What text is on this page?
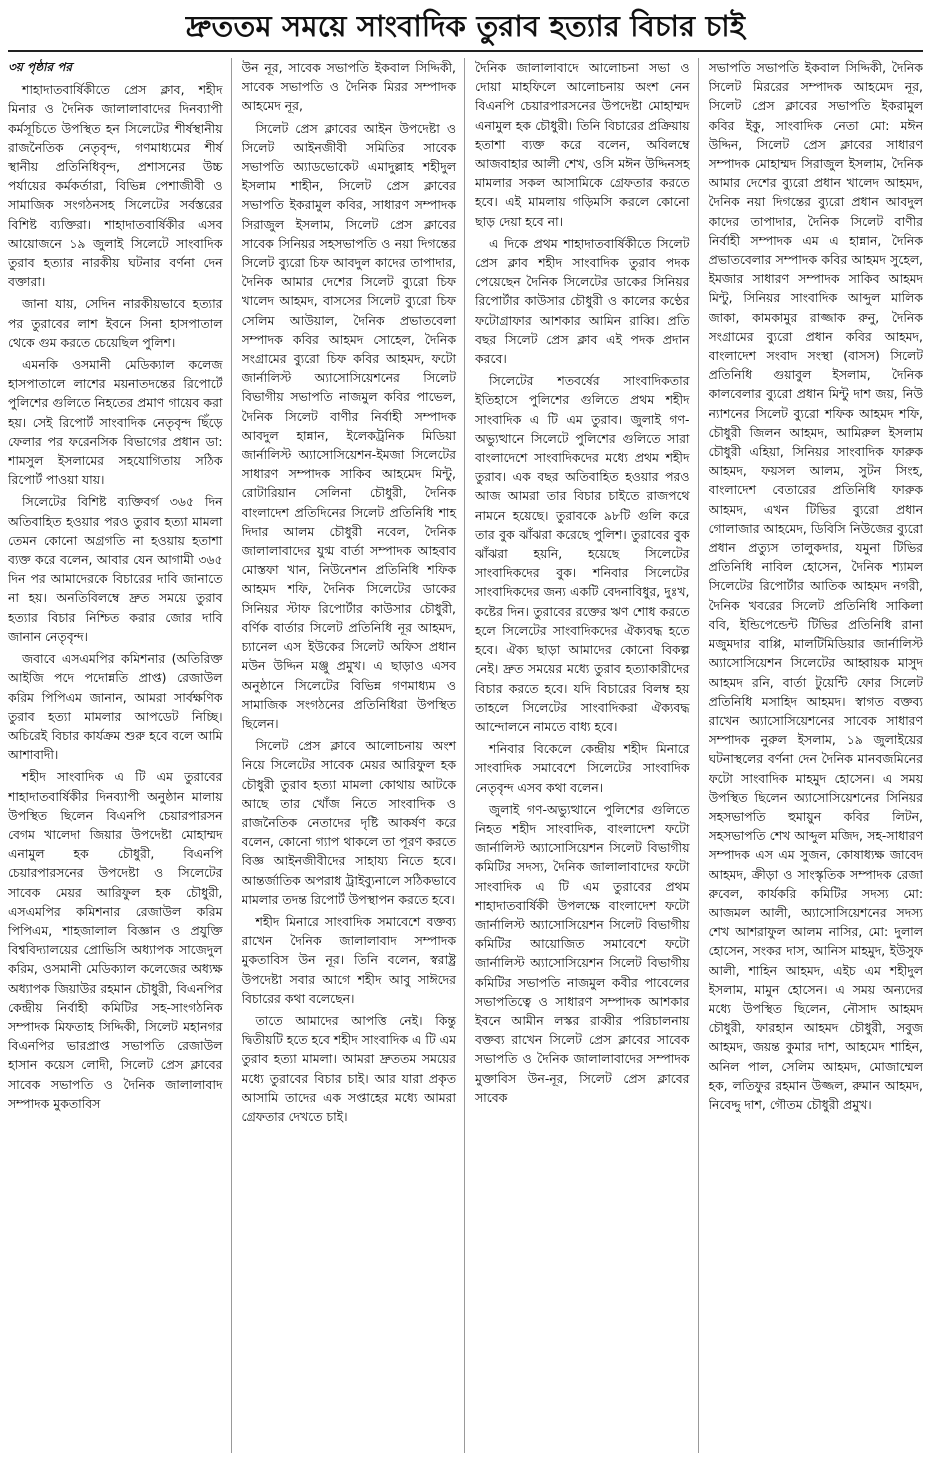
দ্রুততম সময়ে সাংবাদিক তুরাব হত্যার বিচার চাই

৩য় পৃষ্ঠার পর

শাহাদাতবার্ষিকীতে প্রেস ক্লাব, শহীদ মিনার ও দৈনিক জালালাবাদের দিনব্যাপী কর্মসূচিতে উপস্থিত হন সিলেটের শীর্ষস্থানীয় রাজনৈতিক নেতৃবৃন্দ, গণমাধ্যমের শীর্ষ স্থানীয় প্রতিনিধিবৃন্দ, প্রশাসনের উচ্চ পর্যায়ের কর্মকর্তারা, বিভিন্ন পেশাজীবী ও সামাজিক সংগঠনসহ সিলেটের সর্বস্তরের বিশিষ্ট ব্যক্তিরা। শাহাদাতবার্ষিকীর এসব আয়োজনে ১৯ জুলাই সিলেটে সাংবাদিক তুরাব হত্যার নারকীয় ঘটনার বর্ণনা দেন বক্তারা।

জানা যায়, সেদিন নারকীয়ভাবে হত্যার পর তুরাবের লাশ ইবনে সিনা হাসপাতাল থেকে গুম করতে চেয়েছিল পুলিশ।

এমনকি ওসমানী মেডিক্যাল কলেজ হাসপাতালে লাশের ময়নাতদন্তের রিপোর্টে পুলিশের গুলিতে নিহতের প্রমাণ গায়েব করা হয়। সেই রিপোর্ট সাংবাদিক নেতৃবৃন্দ ছিঁড়ে ফেলার পর ফরেনসিক বিভাগের প্রধান ডা: শামসুল ইসলামের সহযোগিতায় সঠিক রিপোর্ট পাওয়া যায়।

সিলেটের বিশিষ্ট ব্যক্তিবর্গ ৩৬৫ দিন অতিবাহিত হওয়ার পরও তুরাব হত্যা মামলা তেমন কোনো অগ্রগতি না হওয়ায় হতাশা ব্যক্ত করে বলেন, আবার যেন আগামী ৩৬৫ দিন পর আমাদেরকে বিচারের দাবি জানাতে না হয়। অনতিবিলম্বে দ্রুত সময়ে তুরাব হত্যার বিচার নিশ্চিত করার জোর দাবি জানান নেতৃবৃন্দ।

জবাবে এসএমপির কমিশনার (অতিরিক্ত আইজি পদে পদোন্নতি প্রাপ্ত) রেজাউল করিম পিপিএম জানান, আমরা সার্বক্ষণিক তুরাব হত্যা মামলার আপডেট নিচ্ছি। অচিরেই বিচার কার্যক্রম শুরু হবে বলে আমি আশাবাদী।

শহীদ সাংবাদিক এ টি এম তুরাবের শাহাদাতবার্ষিকীর দিনব্যাপী অনুষ্ঠান মালায় উপস্থিত ছিলেন বিএনপি চেয়ারপারসন বেগম খালেদা জিয়ার উপদেষ্টা মোহাম্মদ এনামুল হক চৌধুরী, বিএনপি চেয়ারপারসনের উপদেষ্টা ও সিলেটের সাবেক মেয়র আরিফুল হক চৌধুরী, এসএমপির কমিশনার রেজাউল করিম পিপিএম, শাহজালাল বিজ্ঞান ও প্রযুক্তি বিশ্ববিদ্যালয়ের প্রোভিসি অধ্যাপক সাজেদুল করিম, ওসমানী মেডিক্যাল কলেজের অধ্যক্ষ অধ্যাপক জিয়াউর রহমান চৌধুরী, বিএনপির কেন্দ্রীয় নির্বাহী কমিটির সহ-সাংগঠনিক সম্পাদক মিফতাহ সিদ্দিকী, সিলেট মহানগর বিএনপির ভারপ্রাপ্ত সভাপতি রেজাউল হাসান কয়েস লোদী, সিলেট প্রেস ক্লাবের সাবেক সভাপতি ও দৈনিক জালালাবাদ সম্পাদক মুকতাবিস

উন নূর, সাবেক সভাপতি ইকবাল সিদ্দিকী, সাবেক সভাপতি ও দৈনিক মিরর সম্পাদক আহমেদ নূর,

সিলেট প্রেস ক্লাবের আইন উপদেষ্টা ও সিলেট আইনজীবী সমিতির সাবেক সভাপতি অ্যাডভোকেট এমাদুল্লাহ শহীদুল ইসলাম শাহীন, সিলেট প্রেস ক্লাবের সভাপতি ইকরামুল কবির, সাধারণ সম্পাদক সিরাজুল ইসলাম, সিলেট প্রেস ক্লাবের সাবেক সিনিয়র সহসভাপতি ও নয়া দিগন্তের সিলেট ব্যুরো চিফ আবদুল কাদের তাপাদার, দৈনিক আমার দেশের সিলেট ব্যুরো চিফ খালেদ আহমদ, বাসসের সিলেট ব্যুরো চিফ সেলিম আউয়াল, দৈনিক প্রভাতবেলা সম্পাদক কবির আহমদ সোহেল, দৈনিক সংগ্রামের ব্যুরো চিফ কবির আহমদ, ফটো জার্নালিস্ট অ্যাসোসিয়েশনের সিলেট বিভাগীয় সভাপতি নাজমুল কবির পাভেল, দৈনিক সিলেট বাণীর নির্বাহী সম্পাদক আবদুল হান্নান, ইলেকট্রনিক মিডিয়া জার্নালিস্ট অ্যাসোসিয়েশন-ইমজা সিলেটের সাধারণ সম্পাদক সাকিব আহমেদ মিন্টু, রোটারিয়ান সেলিনা চৌধুরী, দৈনিক বাংলাদেশ প্রতিদিনের সিলেট প্রতিনিধি শাহ দিদার আলম চৌধুরী নবেল, দৈনিক জালালাবাদের যুগ্ম বার্তা সম্পাদক আহবাব মোস্তফা খান, নিউনেশন প্রতিনিধি শফিক আহমদ শফি, দৈনিক সিলেটের ডাকের সিনিয়র স্টাফ রিপোর্টার কাউসার চৌধুরী, বর্ণিক বার্তার সিলেট প্রতিনিধি নূর আহমদ, চ্যানেল এস ইউকের সিলেট অফিস প্রধান মউন উদ্দিন মঞ্জু প্রমুখ। এ ছাড়াও এসব অনুষ্ঠানে সিলেটের বিভিন্ন গণমাধ্যম ও সামাজিক সংগঠনের প্রতিনিধিরা উপস্থিত ছিলেন।

সিলেট প্রেস ক্লাবে আলোচনায় অংশ নিয়ে সিলেটের সাবেক মেয়র আরিফুল হক চৌধুরী তুরাব হত্যা মামলা কোথায় আটকে আছে তার খোঁজ নিতে সাংবাদিক ও রাজনৈতিক নেতাদের দৃষ্টি আকর্ষণ করে বলেন, কোনো গ্যাপ থাকলে তা পূরণ করতে বিজ্ঞ আইনজীবীদের সাহায্য নিতে হবে। আন্তর্জাতিক অপরাধ ট্রাইব্যুনালে সঠিকভাবে মামলার তদন্ত রিপোর্ট উপস্থাপন করতে হবে।

শহীদ মিনারে সাংবাদিক সমাবেশে বক্তব্য রাখেন দৈনিক জালালাবাদ সম্পাদক মুকতাবিস উন নূর। তিনি বলেন, স্বরাষ্ট্র উপদেষ্টা সবার আগে শহীদ আবু সাঈদের বিচারের কথা বলেছেন।

তাতে আমাদের আপত্তি নেই। কিন্তু দ্বিতীয়টি হতে হবে শহীদ সাংবাদিক এ টি এম তুরাব হত্যা মামলা। আমরা দ্রুততম সময়ের মধ্যে তুরাবের বিচার চাই। আর যারা প্রকৃত আসামি তাদের এক সপ্তাহের মধ্যে আমরা গ্রেফতার দেখতে চাই।

দৈনিক জালালাবাদে আলোচনা সভা ও দোয়া মাহফিলে আলোচনায় অংশ নেন বিএনপি চেয়ারপারসনের উপদেষ্টা মোহাম্মদ এনামুল হক চৌধুরী। তিনি বিচারের প্রক্রিয়ায় হতাশা ব্যক্ত করে বলেন, অবিলম্বে আজবাহার আলী শেখ, ওসি মঈন উদ্দিনসহ মামলার সকল আসামিকে গ্রেফতার করতে হবে। এই মামলায় গড়িমসি করলে কোনো ছাড় দেয়া হবে না।

এ দিকে প্রথম শাহাদাতবার্ষিকীতে সিলেট প্রেস ক্লাব শহীদ সাংবাদিক তুরাব পদক পেয়েছেন দৈনিক সিলেটের ডাকের সিনিয়র রিপোর্টার কাউসার চৌধুরী ও কালের কণ্ঠের ফটোগ্রাফার আশকার আমিন রাব্বি। প্রতি বছর সিলেট প্রেস ক্লাব এই পদক প্রদান করবে।

সিলেটের শতবর্ষের সাংবাদিকতার ইতিহাসে পুলিশের গুলিতে প্রথম শহীদ সাংবাদিক এ টি এম তুরাব। জুলাই গণ-অভ্যুত্থানে সিলেটে পুলিশের গুলিতে সারা বাংলাদেশে সাংবাদিকদের মধ্যে প্রথম শহীদ তুরাব। এক বছর অতিবাহিত হওয়ার পরও আজ আমরা তার বিচার চাইতে রাজপথে নামনে হয়েছে। তুরাবকে ৯৮টি গুলি করে তার বুক ঝাঁঝরা করেছে পুলিশ। তুরাবের বুক ঝাঁঝরা হয়নি, হয়েছে সিলেটের সাংবাদিকদের বুক। শনিবার সিলেটের সাংবাদিকদের জন্য একটি বেদনাবিধুর, দুঃখ, কষ্টের দিন। তুরাবের রক্তের ঋণ শোধ করতে হলে সিলেটের সাংবাদিকদের ঐক্যবদ্ধ হতে হবে। ঐক্য ছাড়া আমাদের কোনো বিকল্প নেই। দ্রুত সময়ের মধ্যে তুরাব হত্যাকারীদের বিচার করতে হবে। যদি বিচারের বিলম্ব হয় তাহলে সিলেটের সাংবাদিকরা ঐক্যবদ্ধ আন্দোলনে নামতে বাধ্য হবে।

শনিবার বিকেলে কেন্দ্রীয় শহীদ মিনারে সাংবাদিক সমাবেশে সিলেটের সাংবাদিক নেতৃবৃন্দ এসব কথা বলেন।

জুলাই গণ-অভ্যুত্থানে পুলিশের গুলিতে নিহত শহীদ সাংবাদিক, বাংলাদেশ ফটো জার্নালিস্ট অ্যাসোসিয়েশন সিলেট বিভাগীয় কমিটির সদস্য, দৈনিক জালালাবাদের ফটো সাংবাদিক এ টি এম তুরাবের প্রথম শাহাদাতবার্ষিকী উপলক্ষে বাংলাদেশ ফটো জার্নালিস্ট অ্যাসোসিয়েশন সিলেট বিভাগীয় কমিটির আয়োজিত সমাবেশে ফটো জার্নালিস্ট অ্যাসোসিয়েশন সিলেট বিভাগীয় কমিটির সভাপতি নাজমুল কবীর পাবেলের সভাপতিত্বে ও সাধারণ সম্পাদক আশকার ইবনে আমীন লস্কর রাব্বীর পরিচালনায় বক্তব্য রাখেন সিলেট প্রেস ক্লাবের সাবেক সভাপতি ও দৈনিক জালালাবাদের সম্পাদক মুক্তাবিস উন-নূর, সিলেট প্রেস ক্লাবের সাবেক

সভাপতি সভাপতি ইকবাল সিদ্দিকী, দৈনিক সিলেট মিররের সম্পাদক আহমেদ নূর, সিলেট প্রেস ক্লাবের সভাপতি ইকরামুল কবির ইকু, সাংবাদিক নেতা মো: মঈন উদ্দিন, সিলেট প্রেস ক্লাবের সাধারণ সম্পাদক মোহাম্মদ সিরাজুল ইসলাম, দৈনিক আমার দেশের ব্যুরো প্রধান খালেদ আহমদ, দৈনিক নয়া দিগন্তের ব্যুরো প্রধান আবদুল কাদের তাপাদার, দৈনিক সিলেট বাণীর নির্বাহী সম্পাদক এম এ হান্নান, দৈনিক প্রভাতবেলার সম্পাদক কবির আহমদ সুহেল, ইমজার সাধারণ সম্পাদক সাকিব আহমদ মিন্টু, সিনিয়র সাংবাদিক আব্দুল মালিক জাকা, কামকামুর রাজ্জাক রুনু, দৈনিক সংগ্রামের ব্যুরো প্রধান কবির আহমদ, বাংলাদেশ সংবাদ সংস্থা (বাসস) সিলেট প্রতিনিধি গুয়াবুল ইসলাম, দৈনিক কালবেলার ব্যুরো প্রধান মিন্টু দাশ জয়, নিউ ন্যাশনের সিলেট ব্যুরো শফিক আহমদ শফি, চৌধুরী জিলন আহমদ, আমিরুল ইসলাম চৌধুরী এহিয়া, সিনিয়র সাংবাদিক ফারুক আহমদ, ফয়সল আলম, সুটন সিংহ, বাংলাদেশ বেতারের প্রতিনিধি ফারুক আহমদ, এখন টিভির ব্যুরো প্রধান গোলাজার আহমেদ, ডিবিসি নিউজের ব্যুরো প্রধান প্রত্যুস তালুকদার, যমুনা টিভির প্রতিনিধি নাবিল হোসেন, দৈনিক শ্যামল সিলেটের রিপোর্টার আতিক আহমদ নগরী, দৈনিক খবরের সিলেট প্রতিনিধি সাকিলা ববি, ইন্ডিপেন্ডেন্ট টিভির প্রতিনিধি রানা মজুমদার বাপ্পি, মালটিমিডিয়ার জার্নালিস্ট অ্যাসোসিয়েশন সিলেটের আহ্বায়ক মাসুদ আহমদ রনি, বার্তা টুয়েন্টি ফোর সিলেট প্রতিনিধি মসাহিদ আহমদ। স্বাগত বক্তব্য রাখেন অ্যাসোসিয়েশনের সাবেক সাধারণ সম্পাদক নুরুল ইসলাম, ১৯ জুলাইয়ের ঘটনাস্থলের বর্ণনা দেন দৈনিক মানবজমিনের ফটো সাংবাদিক মাহমুদ হোসেন। এ সময় উপস্থিত ছিলেন অ্যাসোসিয়েশনের সিনিয়র সহসভাপতি হুমায়ুন কবির লিটন, সহসভাপতি শেখ আব্দুল মজিদ, সহ-সাধারণ সম্পাদক এস এম সুজন, কোষাধ্যক্ষ জাবেদ আহমদ, ক্রীড়া ও সাংস্কৃতিক সম্পাদক রেজা রুবেল, কার্যকরি কমিটির সদস্য মো: আজমল আলী, অ্যাসোসিয়েশনের সদস্য শেখ আশরাফুল আলম নাসির, মো: দুলাল হোসেন, সংকর দাস, আনিস মাহমুদ, ইউসুফ আলী, শাহিন আহমদ, এইচ এম শহীদুল ইসলাম, মামুন হোসেন। এ সময় অন্যদের মধ্যে উপস্থিত ছিলেন, নৌসাদ আহমদ চৌধুরী, ফারহান আহমদ চৌধুরী, সবুজ আহমদ, জয়ন্ত কুমার দাশ, আহমেদ শাহিন, অনিল পাল, সেলিম আহমদ, মোজাম্মেল হক, লতিফুর রহমান উজ্জল, রুমান আহমদ, নিবেদ্দু দাশ, গৌতম চৌধুরী প্রমুখ।
